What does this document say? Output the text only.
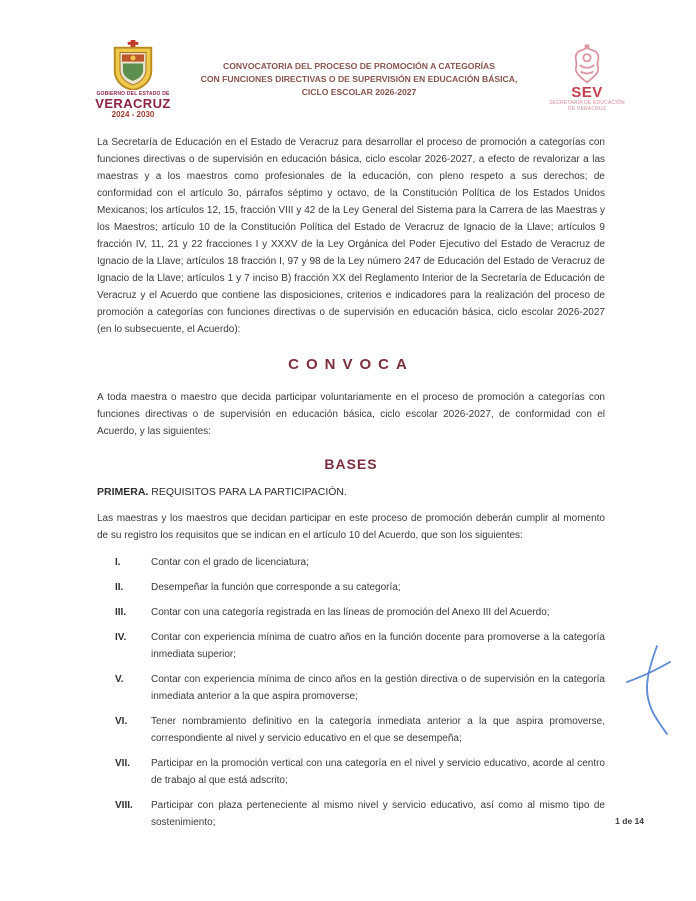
GOBIERNO DEL ESTADO DE
VERACRUZ
2024 - 2030
CONVOCATORIA DEL PROCESO DE PROMOCIÓN A CATEGORÍAS
CON FUNCIONES DIRECTIVAS O DE SUPERVISIÓN EN EDUCACIÓN BÁSICA,
CICLO ESCOLAR 2026-2027	SEV
SECRETARÍA DE EDUCACIÓN
DE VERACRUZ

La Secretaría de Educación en el Estado de Veracruz para desarrollar el proceso de promoción a categorías con funciones directivas o de supervisión en educación básica, ciclo escolar 2026-2027, a efecto de revalorizar a las maestras y a los maestros como profesionales de la educación, con pleno respeto a sus derechos; de conformidad con el artículo 3o, párrafos séptimo y octavo, de la Constitución Política de los Estados Unidos Mexicanos; los artículos 12, 15, fracción VIII y 42 de la Ley General del Sistema para la Carrera de las Maestras y los Maestros; artículo 10 de la Constitución Política del Estado de Veracruz de Ignacio de la Llave; artículos 9 fracción IV, 11, 21 y 22 fracciones I y XXXV de la Ley Orgánica del Poder Ejecutivo del Estado de Veracruz de Ignacio de la Llave; artículos 18 fracción I, 97 y 98 de la Ley número 247 de Educación del Estado de Veracruz de Ignacio de la Llave; artículos 1 y 7 inciso B) fracción XX del Reglamento Interior de la Secretaría de Educación de Veracruz y el Acuerdo que contiene las disposiciones, criterios e indicadores para la realización del proceso de promoción a categorías con funciones directivas o de supervisión en educación básica, ciclo escolar 2026-2027 (en lo subsecuente, el Acuerdo):

CONVOCA

A toda maestra o maestro que decida participar voluntariamente en el proceso de promoción a categorías con funciones directivas o de supervisión en educación básica, ciclo escolar 2026-2027, de conformidad con el Acuerdo, y las siguientes:

BASES

PRIMERA. REQUISITOS PARA LA PARTICIPACIÓN.

Las maestras y los maestros que decidan participar en este proceso de promoción deberán cumplir al momento de su registro los requisitos que se indican en el artículo 10 del Acuerdo, que son los siguientes:

I.	Contar con el grado de licenciatura;
II.	Desempeñar la función que corresponde a su categoría;
III.	Contar con una categoría registrada en las líneas de promoción del Anexo III del Acuerdo;
IV.	Contar con experiencia mínima de cuatro años en la función docente para promoverse a la categoría inmediata superior;
V.	Contar con experiencia mínima de cinco años en la gestión directiva o de supervisión en la categoría inmediata anterior a la que aspira promoverse;
VI.	Tener nombramiento definitivo en la categoría inmediata anterior a la que aspira promoverse, correspondiente al nivel y servicio educativo en el que se desempeña;
VII.	Participar en la promoción vertical con una categoría en el nivel y servicio educativo, acorde al centro de trabajo al que está adscrito;
VIII.	Participar con plaza perteneciente al mismo nivel y servicio educativo, así como al mismo tipo de sostenimiento;	1 de 14
